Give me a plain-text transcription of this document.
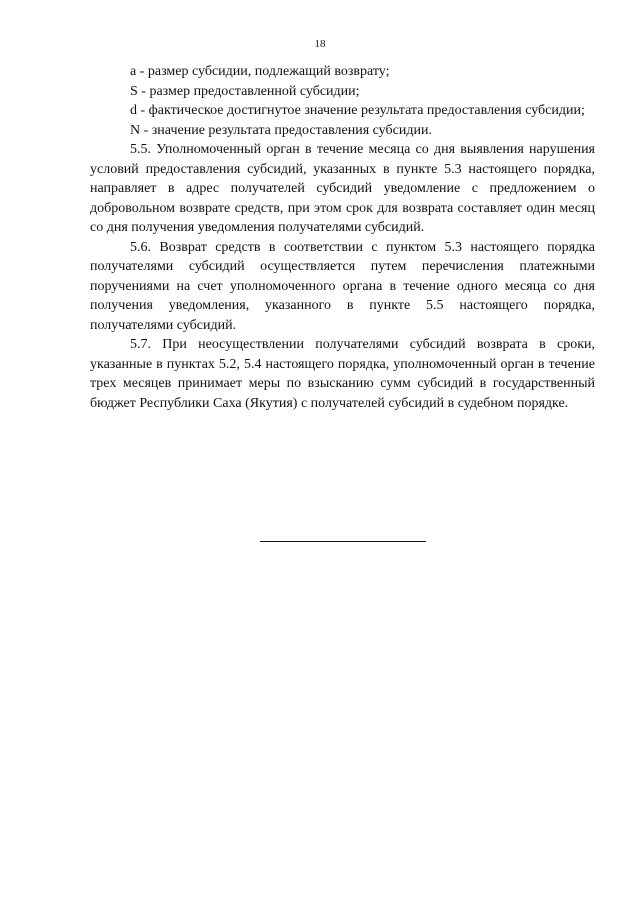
18

а - размер субсидии, подлежащий возврату;

S - размер предоставленной субсидии;

d - фактическое достигнутое значение результата предоставления субсидии;

N - значение результата предоставления субсидии.

5.5. Уполномоченный орган в течение месяца со дня выявления нарушения условий предоставления субсидий, указанных в пункте 5.3 настоящего порядка, направляет в адрес получателей субсидий уведомление с предложением о добровольном возврате средств, при этом срок для возврата составляет один месяц со дня получения уведомления получателями субсидий.

5.6. Возврат средств в соответствии с пунктом 5.3 настоящего порядка получателями субсидий осуществляется путем перечисления платежными поручениями на счет уполномоченного органа в течение одного месяца со дня получения уведомления, указанного в пункте 5.5 настоящего порядка, получателями субсидий.

5.7. При неосуществлении получателями субсидий возврата в сроки, указанные в пунктах 5.2, 5.4 настоящего порядка, уполномоченный орган в течение трех месяцев принимает меры по взысканию сумм субсидий в государственный бюджет Республики Саха (Якутия) с получателей субсидий в судебном порядке.
